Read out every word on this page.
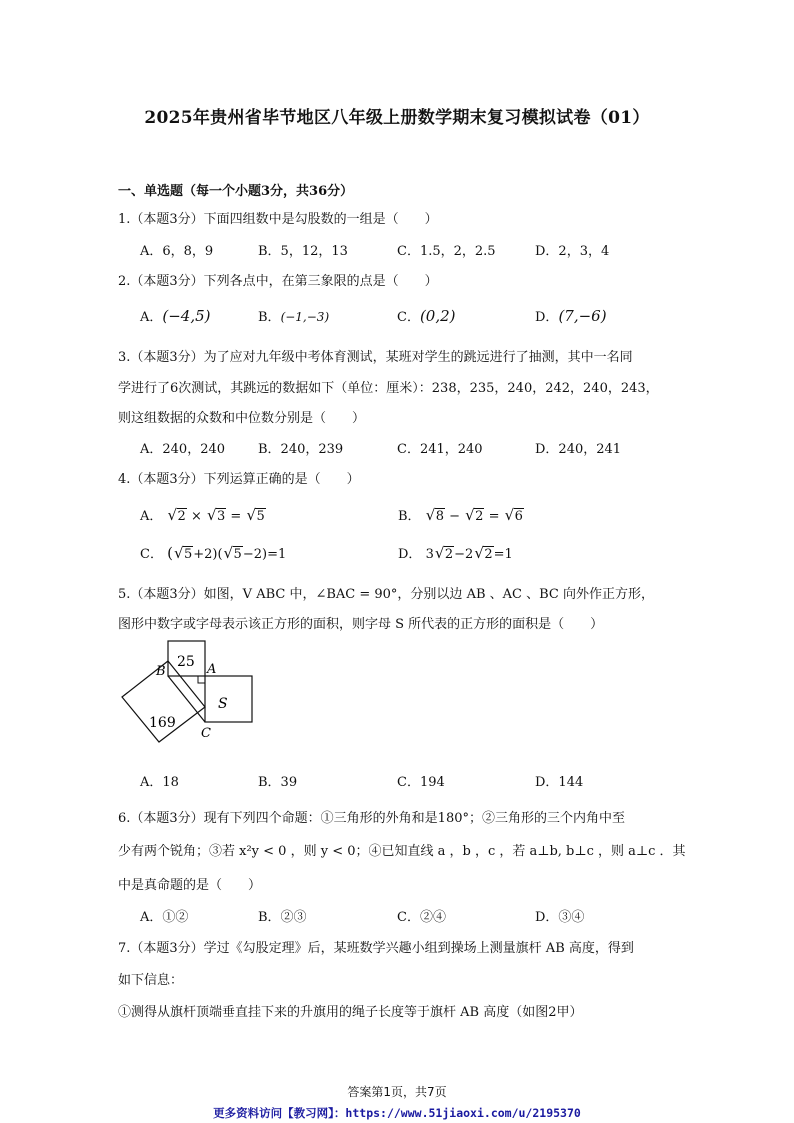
2025年贵州省毕节地区八年级上册数学期末复习模拟试卷（01）
一、单选题（每一个小题3分，共36分）
1.（本题3分）下面四组数中是勾股数的一组是（　　）
A．6，8，9	B．5，12，13	C．1.5，2，2.5	D．2，3，4
2.（本题3分）下列各点中，在第三象限的点是（　　）
A．(−4,5)	B．(−1,−3)	C．(0,2)	D．(7,−6)
3.（本题3分）为了应对九年级中考体育测试，某班对学生的跳远进行了抽测，其中一名同
学进行了6次测试，其跳远的数据如下（单位：厘米）：238，235，240，242，240，243，
则这组数据的众数和中位数分别是（　　）
A．240，240	B．240，239	C．241，240	D．240，241
4.（本题3分）下列运算正确的是（　　）
A． √ 2 × √ 3 = √ 5	B． √ 8 − √ 2 = √ 6
C． ( √ 5+2)( √ 5−2)=1	D． 3 √ 2−2 √ 2=1
5.（本题3分）如图，V ABC 中，∠BAC = 90°，分别以边 AB 、AC 、BC 向外作正方形，
图形中数字或字母表示该正方形的面积，则字母 S 所代表的正方形的面积是（　　）
25
S
169
B	A
C
A．18	B．39	C．194	D．144
6.（本题3分）现有下列四个命题：①三角形的外角和是180°；②三角形的三个内角中至
少有两个锐角；③若 x²y < 0 ，则 y < 0；④已知直线 a ，b ，c ，若 a⊥b, b⊥c ，则 a⊥c ．其
中是真命题的是（　　）
A．①②	B．②③	C．②④	D．③④
7.（本题3分）学过《勾股定理》后，某班数学兴趣小组到操场上测量旗杆 AB 高度，得到
如下信息：
①测得从旗杆顶端垂直挂下来的升旗用的绳子长度等于旗杆 AB 高度（如图2甲）
答案第1页，共7页
更多资料访问【教习网】：https://www.51jiaoxi.com/u/2195370
